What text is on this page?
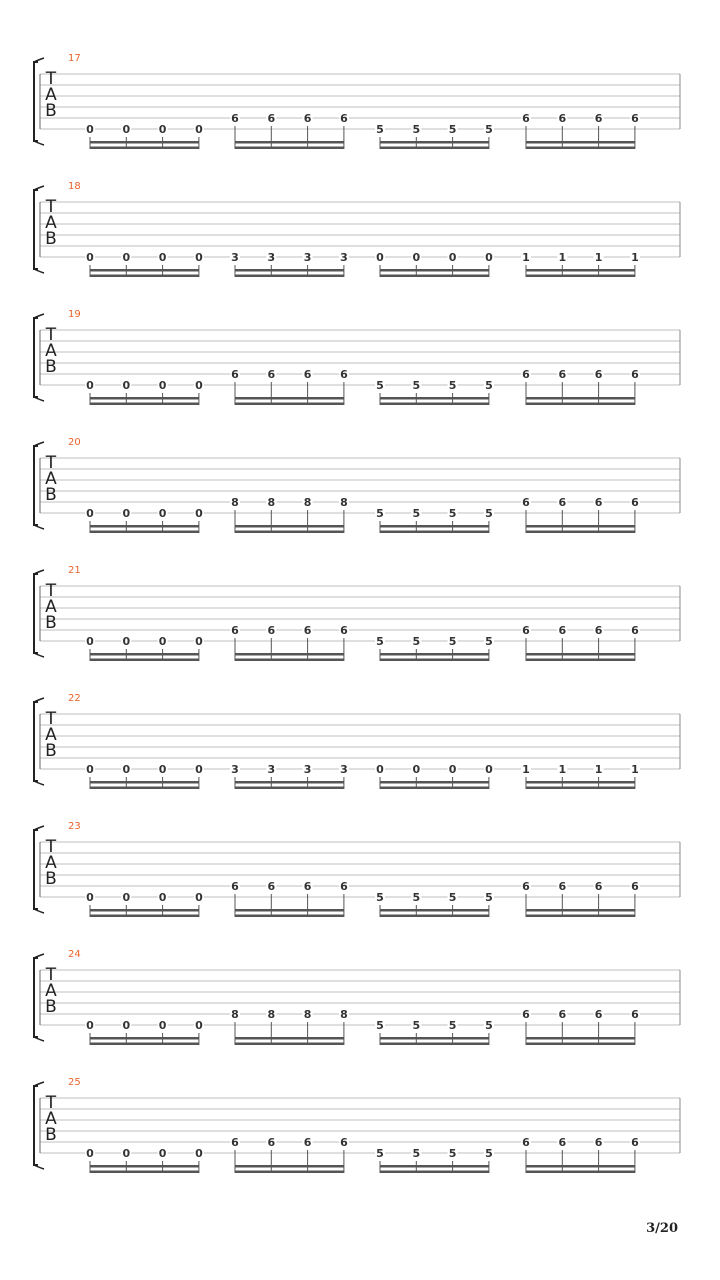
T
A
B
17
0	0	0	0
6	6	6	6
5	5	5	5
6	6	6	6
T
A
B
18
0	0	0	0	3	3	3	3	0	0	0	0	1	1	1	1
T
A
B
19
0	0	0	0
6	6	6	6
5	5	5	5
6	6	6	6
T
A
B
20
0	0	0	0
8	8	8	8
5	5	5	5
6	6	6	6
T
A
B
21
0	0	0	0
6	6	6	6
5	5	5	5
6	6	6	6
T
A
B
22
0	0	0	0	3	3	3	3	0	0	0	0	1	1	1	1
T
A
B
23
0	0	0	0
6	6	6	6
5	5	5	5
6	6	6	6
T
A
B
24
0	0	0	0
8	8	8	8
5	5	5	5
6	6	6	6
T
A
B
25
0	0	0	0
6	6	6	6
5	5	5	5
6	6	6	6
3/20
